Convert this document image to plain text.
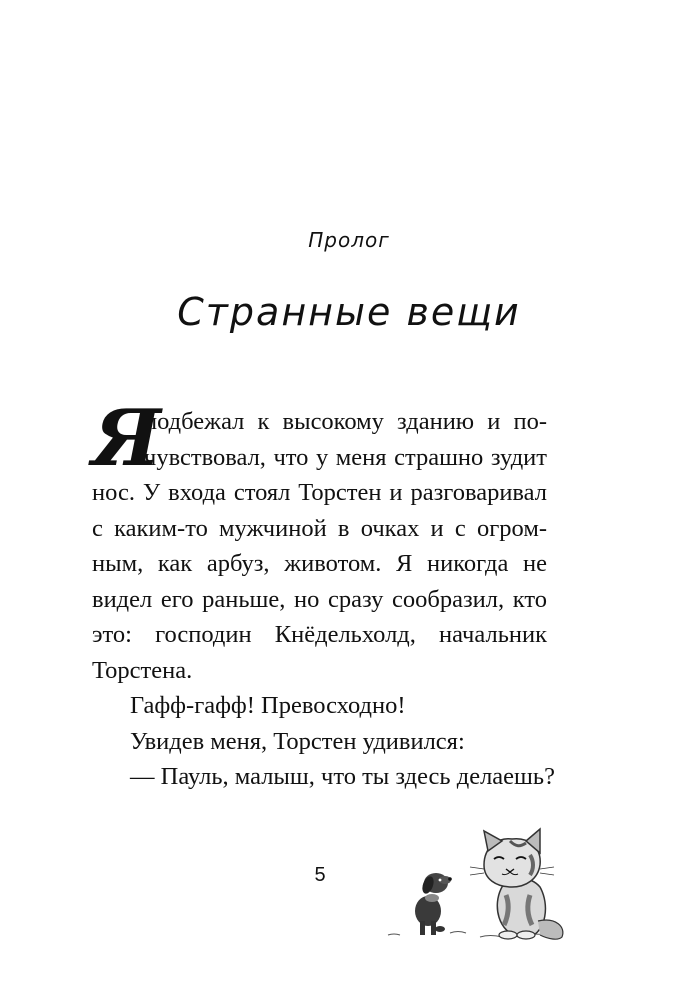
Пролог
Странные вещи
Я
подбежал к высокому зданию и по-
чувствовал, что у меня страшно зудит
нос. У входа стоял Торстен и разговаривал
с каким-то мужчиной в очках и с огром-
ным, как арбуз, животом. Я никогда не
видел его раньше, но сразу сообразил, кто
это: господин Кнёдельхолд, начальник
Торстена.
Гафф-гафф! Превосходно!
Увидев меня, Торстен удивился:
— Пауль, малыш, что ты здесь делаешь?
5
